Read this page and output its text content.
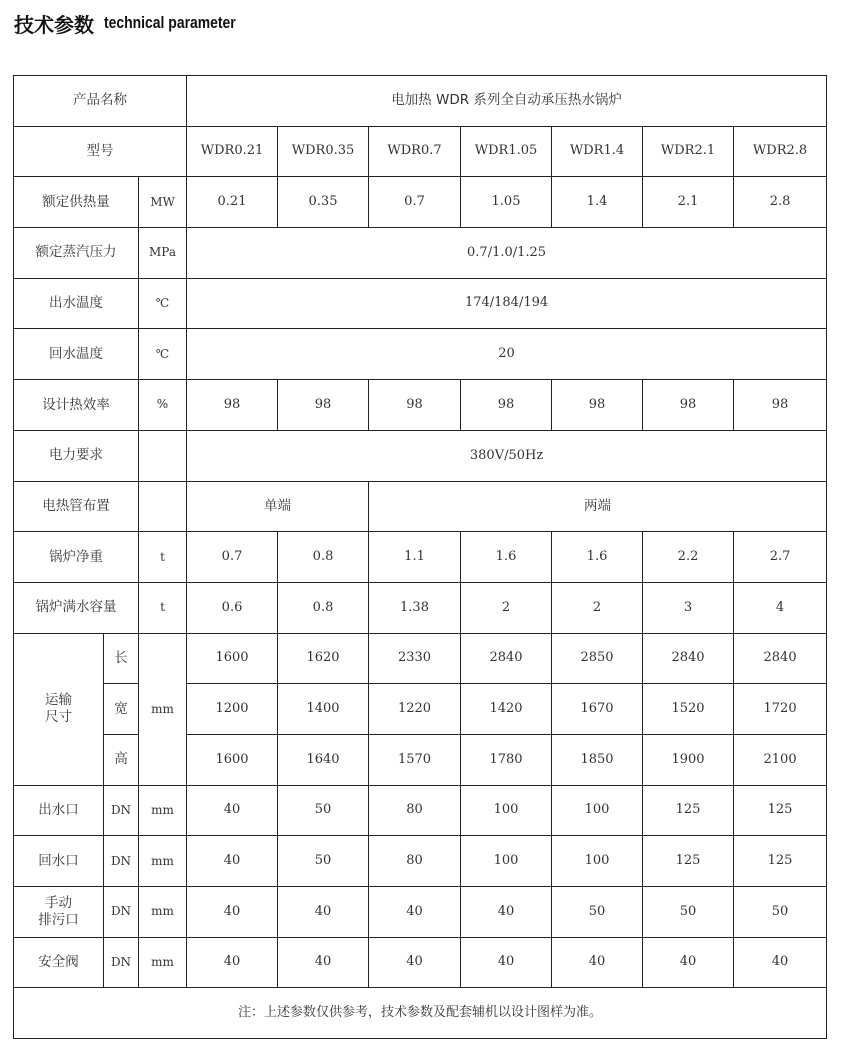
技术参数 technical parameter
产品名称			电加热 WDR 系列全自动承压热水锅炉						
型号			WDR0.21	WDR0.35	WDR0.7	WDR1.05	WDR1.4	WDR2.1	WDR2.8
额定供热量		MW	0.21	0.35	0.7	1.05	1.4	2.1	2.8
额定蒸汽压力		MPa	0.7/1.0/1.25						
出水温度		℃	174/184/194						
回水温度		℃	20						
设计热效率		%	98	98	98	98	98	98	98
电力要求			380V/50Hz						
电热管布置			单端		两端				
锅炉净重		t	0.7	0.8	1.1	1.6	1.6	2.2	2.7
锅炉满水容量		t	0.6	0.8	1.38	2	2	3	4
运输
尺寸	长	mm	1600	1620	2330	2840	2850	2840	2840
	宽		1200	1400	1220	1420	1670	1520	1720
	高		1600	1640	1570	1780	1850	1900	2100
出水口	DN	mm	40	50	80	100	100	125	125
回水口	DN	mm	40	50	80	100	100	125	125
手动
排污口	DN	mm	40	40	40	40	50	50	50
安全阀	DN	mm	40	40	40	40	40	40	40
注：上述参数仅供参考，技术参数及配套辅机以设计图样为准。									
